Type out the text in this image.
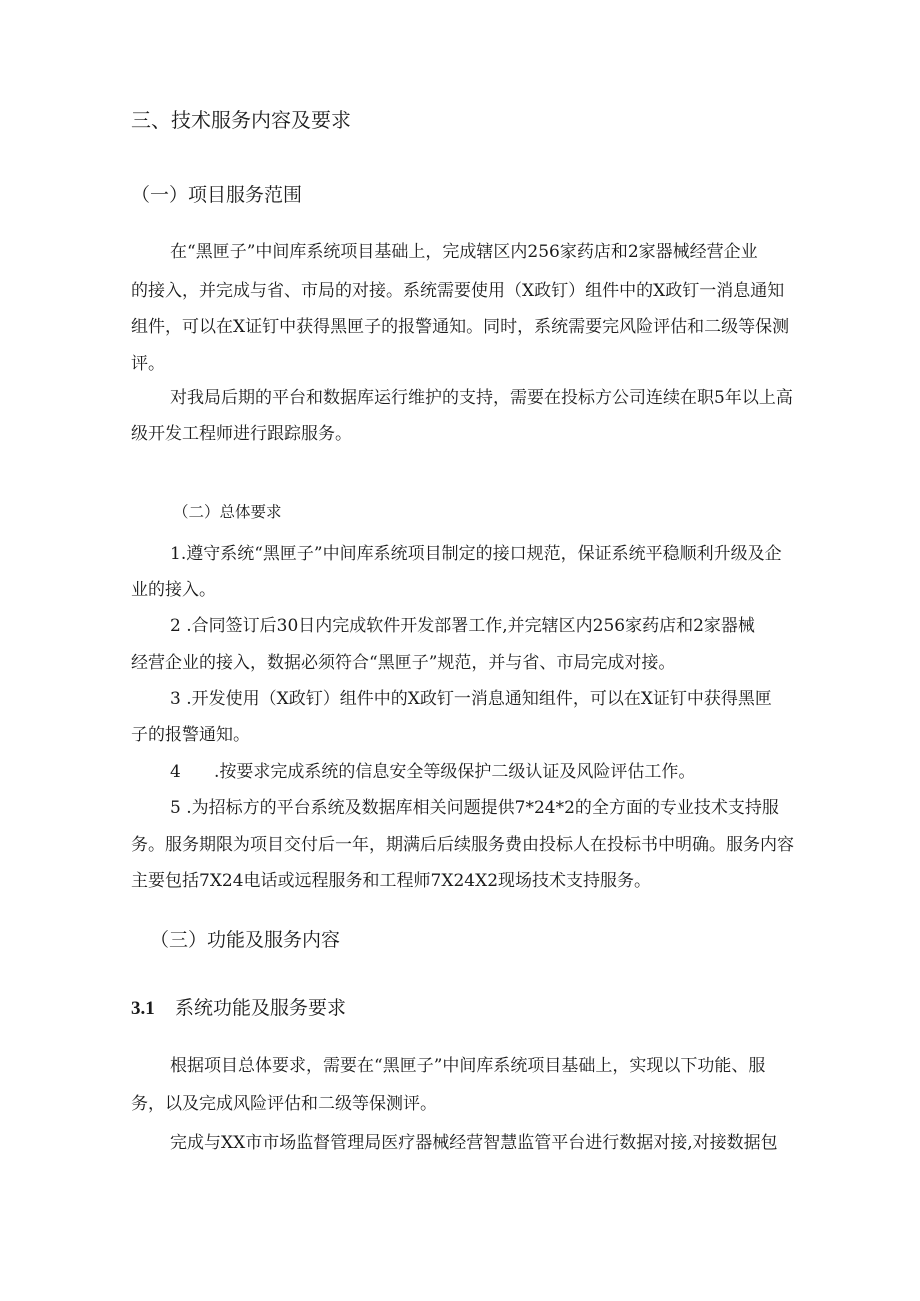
三、技术服务内容及要求
（一）项目服务范围
在“黑匣子”中间库系统项目基础上，完成辖区内256家药店和2家器械经营企业
的接入，并完成与省、市局的对接。系统需要使用（X政钉）组件中的X政钉一消息通知
组件，可以在X证钉中获得黑匣子的报警通知。同时，系统需要完风险评估和二级等保测
评。
对我局后期的平台和数据库运行维护的支持，需要在投标方公司连续在职5年以上高
级开发工程师进行跟踪服务。
（二）总体要求
1.遵守系统“黑匣子”中间库系统项目制定的接口规范，保证系统平稳顺利升级及企
业的接入。
2 .合同签订后30日内完成软件开发部署工作,并完辖区内256家药店和2家器械
经营企业的接入，数据必须符合“黑匣子”规范，并与省、市局完成对接。
3 .开发使用（X政钉）组件中的X政钉一消息通知组件，可以在X证钉中获得黑匣
子的报警通知。
4 .按要求完成系统的信息安全等级保护二级认证及风险评估工作。
5 .为招标方的平台系统及数据库相关问题提供7*24*2的全方面的专业技术支持服
务。服务期限为项目交付后一年，期满后后续服务费由投标人在投标书中明确。服务内容
主要包括7X24电话或远程服务和工程师7X24X2现场技术支持服务。
（三）功能及服务内容
3.1 系统功能及服务要求
根据项目总体要求，需要在“黑匣子”中间库系统项目基础上，实现以下功能、服
务，以及完成风险评估和二级等保测评。
完成与XX市市场监督管理局医疗器械经营智慧监管平台进行数据对接,对接数据包
